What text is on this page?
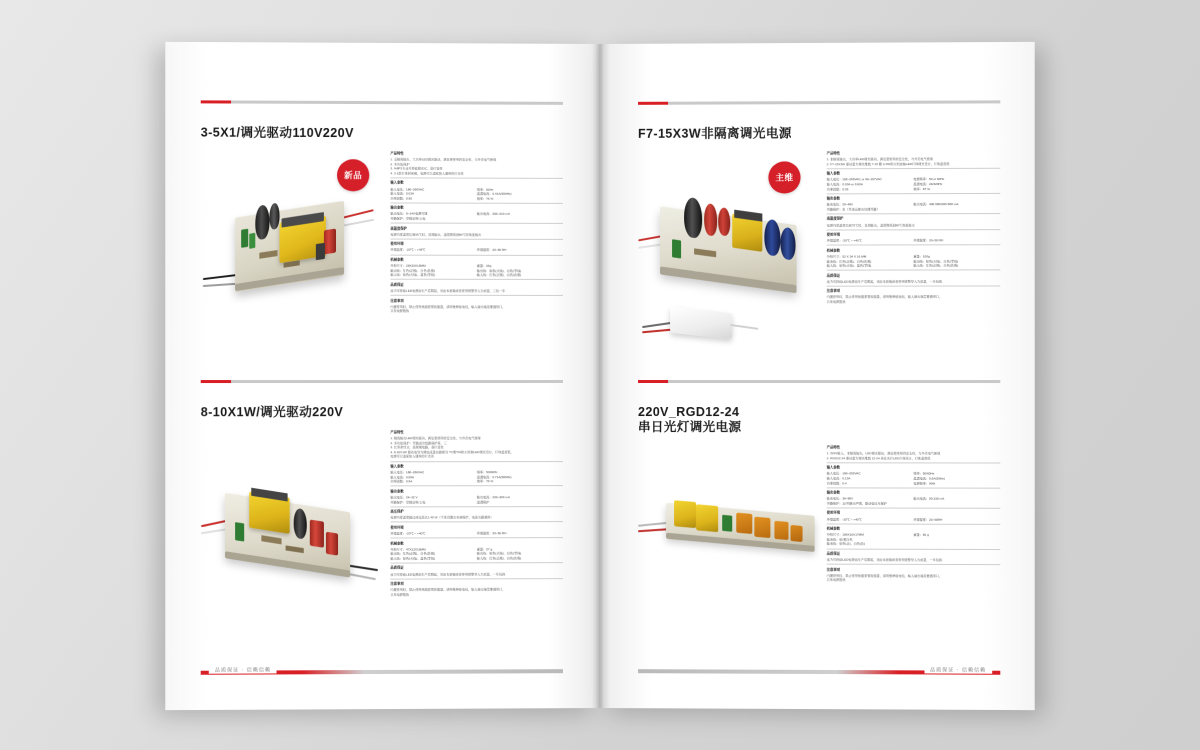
3-5X1/调光驱动110V220V
新品
产品特性
1. 全隔离输出、大功率LED调光驱动，满足更使用的安全性，与外壳电气绝缘
2. 多功能保护
3. %8P2专业可控硅调光IC，高灯显性
4. 3-1款灯珠回串模，电源可以适室装入通用的灯光亮
输入参数
输入电压：180~260VAC	频率：50Hz
输入电流：0.03A	温漂电流：0.41A(500Hz)
功率因数：0.90	效率：76 %
输出参数
输出电压：9~14V电源可调	输出电流：260~310 mA
开路保护：空载启用/上电
高温度保护
电源内部温度达到95℃时，其周输出，温度降低到80℃时恢复输出
使用环境
环境温度：-20℃ ~ +45℃	环境湿度：20~50 RH
机械参数
外形尺寸：29X20X15MM	重量：25g
输出线：红色(正极)、白色(负极)	输出线：棕色(火线)、白色(零线)
输入线：棕色(火线)、蓝色(零线)	输入线：红色(正极)、白色(负极)
品质保证
成为可控硅LED电源由生产后期起，该由本装箱或者使用规整导入为质量，三包一年
注意事项
内置使用时，禁止使用热缩套管收缩量，请用维修接电包，输入端出端需要通用口，
以免电源散热
8-10X1W/调光驱动220V
产品特性
1. 隔离输出LED调光驱动，满足更使用的安全性，与外壳电气绝缘
2. 多功能保护：开路返出短路保护等，三
3. 长寿命设计，高规模电路，高灯显性
4. 8-10X1W 驱动电导为调电流量台路相当 TC维TW防火机制LED调光设计，灯珠温度低，
电源可以适室装入通用的灯光亮
输入参数
输入电压：180~260VAC	频率：50/60Hz
输入电流：0.09A	温漂电流：0.71A(500Hz)
功率因数：0.9A	效率：76 %
输出参数
输出电压：24~32 V	输出电流：220~300 mA
开路保护：空载启用/上电	温漂保护
高压保护
电源内部温度超过或过高达1.40 W（不是设置出来减保护，电流出路通用）
使用环境
环境温度：-20℃ ~ +40℃	环境湿度：20~50 RH
机械参数
外形尺寸：47X22X16MM	重量：27 g
输出线：红色(正极)、白色(负极)	输出线：棕色(火线)、白色(零线)
输入线：棕色(火线)、蓝色(零线)	输入线：红色(正极)、白色(负极)
品质保证
成为可控硅LED电源由生产后期起，该由本装箱或者使用规整导入为质量，一年包换
注意事项
内置使用时，禁止使用热缩套管收缩量，请用维修接电包，输入端出端需要通用口，
以免电源散热
品质保证 · 信赖信赖
F7-15X3W非隔离调光电源
主维
产品特性
1. 非隔离输出，大功率LED调光驱动，满足更使用的安全性，与外壳电气绝缘
2. F7-15X3W 驱动量为调光维数 7-15 颗 2-3W防火机能输LED灯珠调光设计，灯珠温度低
输入参数
输入电压：165~265VAC or 90~167VAC	电源频率：50 or 60Hz
输入电流：0.30A or 0.60A	温漂电流：24/320Hz
功率因数：0.35	效率：87 %
输出参数
输出电压：20~49V	输出电流：400-580/300-580 mA
开路保护：负（开逆运算出处理开路）
高温度保护
电源内部温度达到75℃时，其周输出，温度降低到80℃恢复输出
使用环境
环境温度：-20℃ ~ +40℃	环境湿度：20~50 RH
机械参数
外形尺寸：52 X 34 X 16 MM	重量：100g
输出线：红色(正极)、白色(负极)	输出线：棕色(火线)、白色(零线)
输入线：棕色(火线)、蓝色(零线)	输入线：红色(正极)、白色(负极)
品质保证
成为可控硅LED电源由生产后期起，该由本装箱或者使用规整导入为质量，一年包换
注意事项
内置使用时，禁止使用热缩套管收缩量，请用维修接电包，输入端出端需要通用口，
以免电源散热
220V_RGD12-24
串日光灯调光电源
产品特性
1. 220V输入，非隔离输出，LED调光驱动，满足更使用的安全性，与外壳电气绝缘
2. RGD12-24 驱动量为调光维数 12-24 串自光灯LED灯珠设计，灯珠温度低
输入参数
输入电压：180~265VAC	频率：50/60Hz
输入电流：0.13A	温漂电流：0.5A(50Hz)
功率因数：0.4	电源效率：90%
输出参数
输出电压：36~80V	输出电流：90-230 mA
开路保护：正/开路出声调，驱动电压无保护
使用环境
环境温度：-20℃ ~ +40℃	环境湿度：20~50RH
机械参数
外形尺寸：180X10X17MM	重量：50 g
输出线：棕/黄白色
输出线：棕色(正)、白色(负)
品质保证
成为可控硅LED电源由生产后期起，该由本装箱或者使用规整导入为质量，一年包换
注意事项
内置使用时，禁止使用热缩套管收缩量，请用维修接电包，输入端出端需要通用口，
以免电源散热
品质保证 · 信赖信赖
